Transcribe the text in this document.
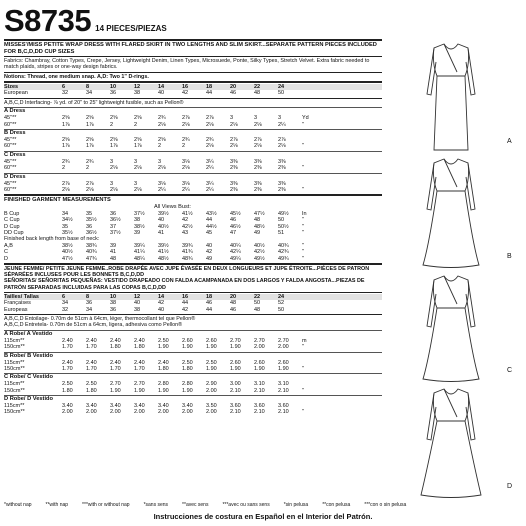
S8735 14 PIECES/PIEZAS
MISSES'/MISS PETITE WRAP DRESS WITH FLARED SKIRT IN TWO LENGTHS AND SLIM SKIRT...SEPARATE PATTERN PIECES INCLUDED FOR B,C,D,DD CUP SIZES
Fabrics: Chambray, Cotton Types, Crepe, Jersey, Lightweight Denim, Linen Types, Microsuede, Ponte, Silky Types, Stretch Velvet. Extra fabric needed to match plaids, stripes or one-way design fabrics.
Notions: Thread, one medium snap. A,D: Two 1" D-rings.
Sizes	6	8	10	12	14	16	18	20	22	24
European	32	34	36	38	40	42	44	46	48	50
A,B,C,D Interfacing- ⅞ yd. of 20" to 25" lightweight fusible, such as Pellon®
A Dress
45"**	2⅝	2⅝	2⅝	2⅝	2¾	2⅞	2⅞	3	3	3	Yd
60"**	1⅞	1⅞	2	2	2⅛	2⅛	2⅛	2⅛	2⅛	2¼	"
B Dress
45"**	2⅝	2⅝	2⅝	2⅝	2⅝	2¾	2¾	2⅞	2⅞	2⅞
60"**	1⅞	1⅞	1⅞	1⅞	2	2	2⅛	2⅛	2⅛	2⅛	"
C Dress
45"**	2¾	2¾	3	3	3	3⅛	3¼	3⅜	3⅜	3⅜
60"**	2	2	2⅛	2⅛	2⅛	2⅛	2¼	2⅜	2⅜	2⅜	"
D Dress
45"**	2⅞	2⅞	3	3	3⅛	3⅛	3¼	3⅜	3⅜	3⅜
60"**	2⅛	2⅛	2⅛	2⅛	2¼	2¼	2¼	2⅜	2⅜	2⅜	"
FINISHED GARMENT MEASUREMENTS
All Views Bust:
B Cup	34	35	36	37½	39½	41½	43½	45½	47½	49½	In
C Cup	34½	35½	36½	38	40	42	44	46	48	50	"
D Cup	35	36	37	38½	40½	42½	44½	46½	48½	50½	"
DD Cup	35½	36½	37½	39	41	43	45	47	49	51	"
Finished back length from base of neck:
A,B	38½	38¾	39	39¼	39½	39¾	40	40¼	40½	40¾	"
C	40½	40¾	41	41¼	41½	41¾	42	42¼	42½	42¾	"
D	47½	47¾	48	48¼	48½	48¾	49	49¼	49½	49¾	"
JEUNE FEMME/ PETITE JEUNE FEMME..ROBE DRAPÉE AVEC JUPE ÉVASÉE EN DEUX LONGUEURS ET JUPE ÉTROITE...PIÈCES DE PATRON SÉPARÉES INCLUSES POUR LES BONNETS B,C,D,DD
SEÑORITAS/ SEÑORITAS PEQUEÑAS: VESTIDO DRAPEADO CON FALDA ACAMPANADA EN DOS LARGOS Y FALDA ANGOSTA...PIEZAS DE PATRÓN SEPARADAS INCLUIDAS PARA LAS COPAS B,C,D,DD
Tailles/ Tallas	6	8	10	12	14	16	18	20	22	24
Françaises	34	36	38	40	42	44	46	48	50	52
Europeas	32	34	36	38	40	42	44	46	48	50
A,B,C,D Entoilage- 0.70m de 51cm à 64cm, léger, thermocollant tel que Pellon®
A,B,C,D Entretela- 0.70m de 51cm a 64cm, ligera, adhesiva como Pellon®
A Robe/ A Vestido
115cm**	2.40	2.40	2.40	2.40	2.50	2.60	2.60	2.70	2.70	2.70	m
150cm**	1.70	1.70	1.80	1.80	1.90	1.90	1.90	1.90	2.00	2.00	"
B Robe/ B Vestido
115cm**	2.40	2.40	2.40	2.40	2.40	2.50	2.50	2.60	2.60	2.60
150cm**	1.70	1.70	1.70	1.70	1.80	1.80	1.90	1.90	1.90	1.90	"
C Robe/ C Vestido
115cm**	2.50	2.50	2.70	2.70	2.80	2.80	2.90	3.00	3.10	3.10
150cm**	1.80	1.80	1.90	1.90	1.90	1.90	2.00	2.10	2.10	2.10	"
D Robe/ D Vestido
115cm**	3.40	3.40	3.40	3.40	3.40	3.40	3.50	3.60	3.60	3.60
150cm**	2.00	2.00	2.00	2.00	2.00	2.00	2.00	2.10	2.10	2.10	"
*without nap	**with nap	***with or without nap	*sans sens	**avec sens	***avec ou sans sens	*sin pelusa	**con pelusa	***con o sin pelusa
Instrucciones de costura en Español en el Interior del Patrón.
A
B
C
D
